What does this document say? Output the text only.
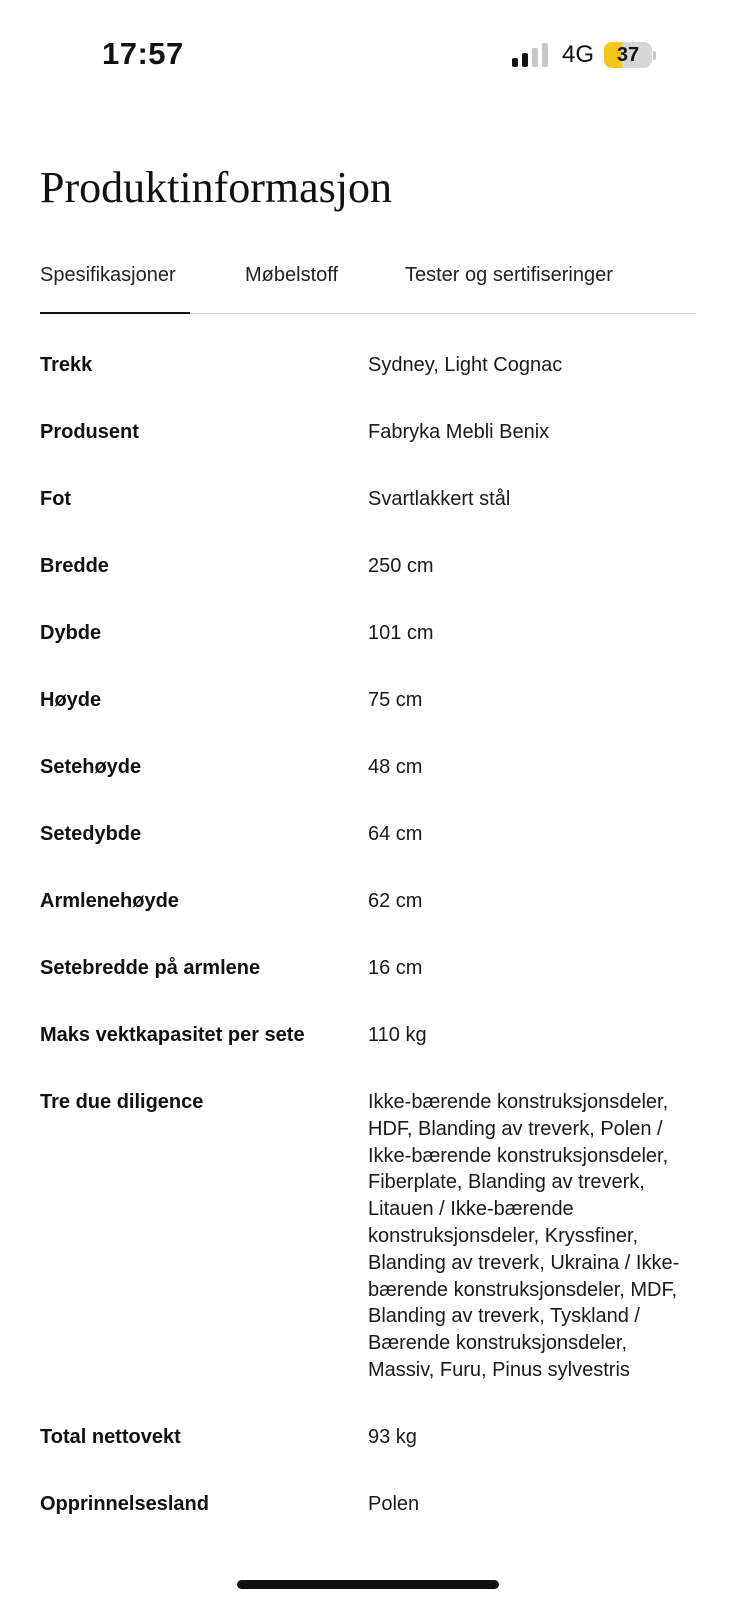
17:57	4G	37
Produktinformasjon
Spesifikasjoner	Møbelstoff	Tester og sertifiseringer
Trekk	Sydney, Light Cognac
Produsent	Fabryka Mebli Benix
Fot	Svartlakkert stål
Bredde	250 cm
Dybde	101 cm
Høyde	75 cm
Setehøyde	48 cm
Setedybde	64 cm
Armlenehøyde	62 cm
Setebredde på armlene	16 cm
Maks vektkapasitet per sete	110 kg
Tre due diligence	Ikke-bærende konstruksjonsdeler, HDF, Blanding av treverk, Polen / Ikke-bærende konstruksjonsdeler, Fiberplate, Blanding av treverk, Litauen / Ikke-bærende konstruksjonsdeler, Kryssfiner, Blanding av treverk, Ukraina / Ikke-bærende konstruksjonsdeler, MDF, Blanding av treverk, Tyskland / Bærende konstruksjonsdeler, Massiv, Furu, Pinus sylvestris
Total nettovekt	93 kg
Opprinnelsesland	Polen
